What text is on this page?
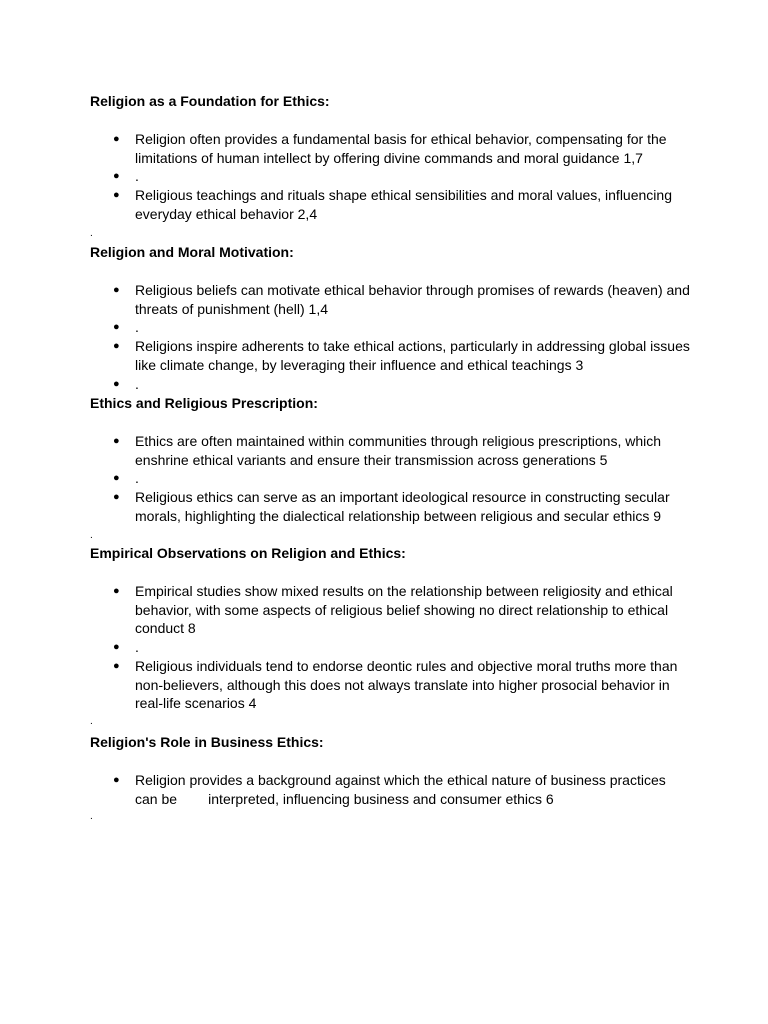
Religion as a Foundation for Ethics:

● Religion often provides a fundamental basis for ethical behavior, compensating for the limitations of human intellect by offering divine commands and moral guidance 1,7
● .
● Religious teachings and rituals shape ethical sensibilities and moral values, influencing everyday ethical behavior 2,4
.

Religion and Moral Motivation:

● Religious beliefs can motivate ethical behavior through promises of rewards (heaven) and threats of punishment (hell) 1,4
● .
● Religions inspire adherents to take ethical actions, particularly in addressing global issues like climate change, by leveraging their influence and ethical teachings 3
● .

Ethics and Religious Prescription:

● Ethics are often maintained within communities through religious prescriptions, which enshrine ethical variants and ensure their transmission across generations 5
● .
● Religious ethics can serve as an important ideological resource in constructing secular morals, highlighting the dialectical relationship between religious and secular ethics 9
.

Empirical Observations on Religion and Ethics:

● Empirical studies show mixed results on the relationship between religiosity and ethical behavior, with some aspects of religious belief showing no direct relationship to ethical conduct 8
● .
● Religious individuals tend to endorse deontic rules and objective moral truths more than non-believers, although this does not always translate into higher prosocial behavior in real-life scenarios 4
.

Religion's Role in Business Ethics:

● Religion provides a background against which the ethical nature of business practices can be        interpreted, influencing business and consumer ethics 6
.
